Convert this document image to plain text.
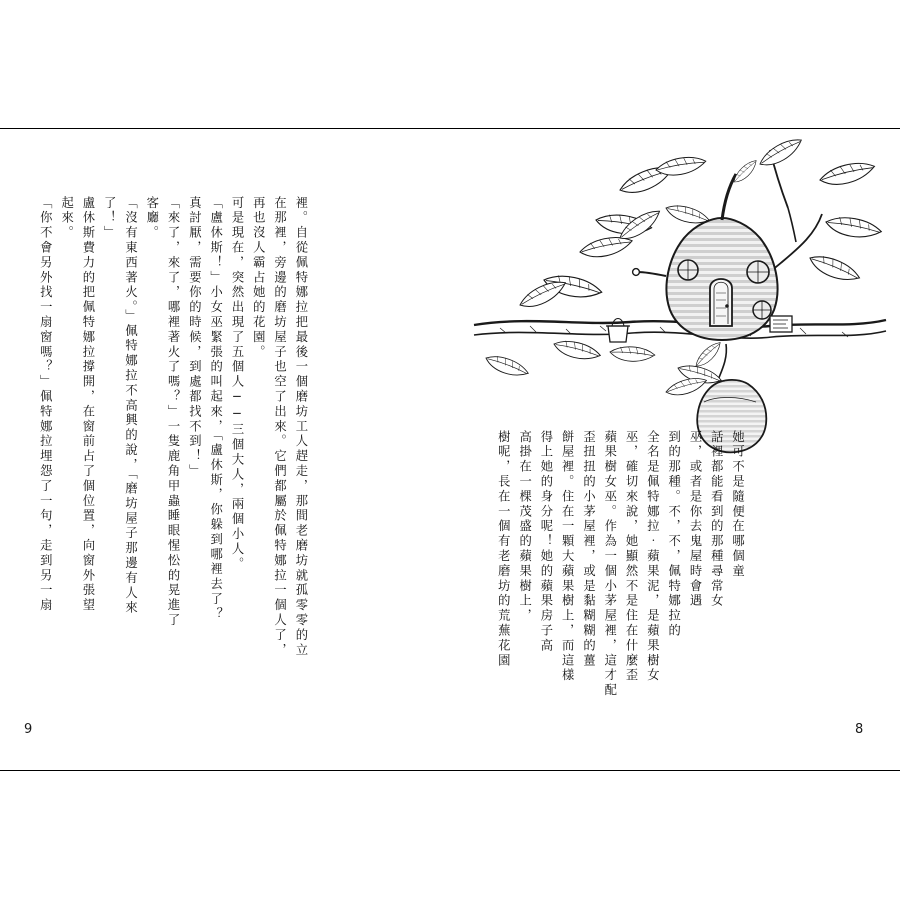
她可不是隨便在哪個童
話裡都能看到的那種尋常女
巫，或者是你去鬼屋時會遇
到的那種。不，不，佩特娜拉的
全名是佩特娜拉‧蘋果泥，是蘋果樹女
巫，確切來說，她顯然不是住在什麼歪
蘋果樹女巫。作為一個小茅屋裡，這才配
歪扭扭的小茅屋裡，或是黏糊糊的薑
餅屋裡。住在一顆大蘋果樹上，而這樣
得上她的身分呢！她的蘋果房子高
高掛在一棵茂盛的蘋果樹上，
樹呢，長在一個有老磨坊的荒蕪花園
裡。自從佩特娜拉把最後一個磨坊工人趕走，那間老磨坊就孤零零的立
在那裡，旁邊的磨坊屋子也空了出來。它們都屬於佩特娜拉一個人了，
再也沒人霸占她的花園。
可是現在，突然出現了五個人──三個大人，兩個小人。
「盧休斯！」小女巫緊張的叫起來，「盧休斯，你躲到哪裡去了？
真討厭，需要你的時候，到處都找不到！」
「來了，來了，哪裡著火了嗎？」一隻鹿角甲蟲睡眼惺忪的晃進了
客廳。
「沒有東西著火。」佩特娜拉不高興的說，「磨坊屋子那邊有人來
了！」
盧休斯費力的把佩特娜拉撐開，在窗前占了個位置，向窗外張望
起來。
「你不會另外找一扇窗嗎？」佩特娜拉埋怨了一句，走到另一扇
9	8
